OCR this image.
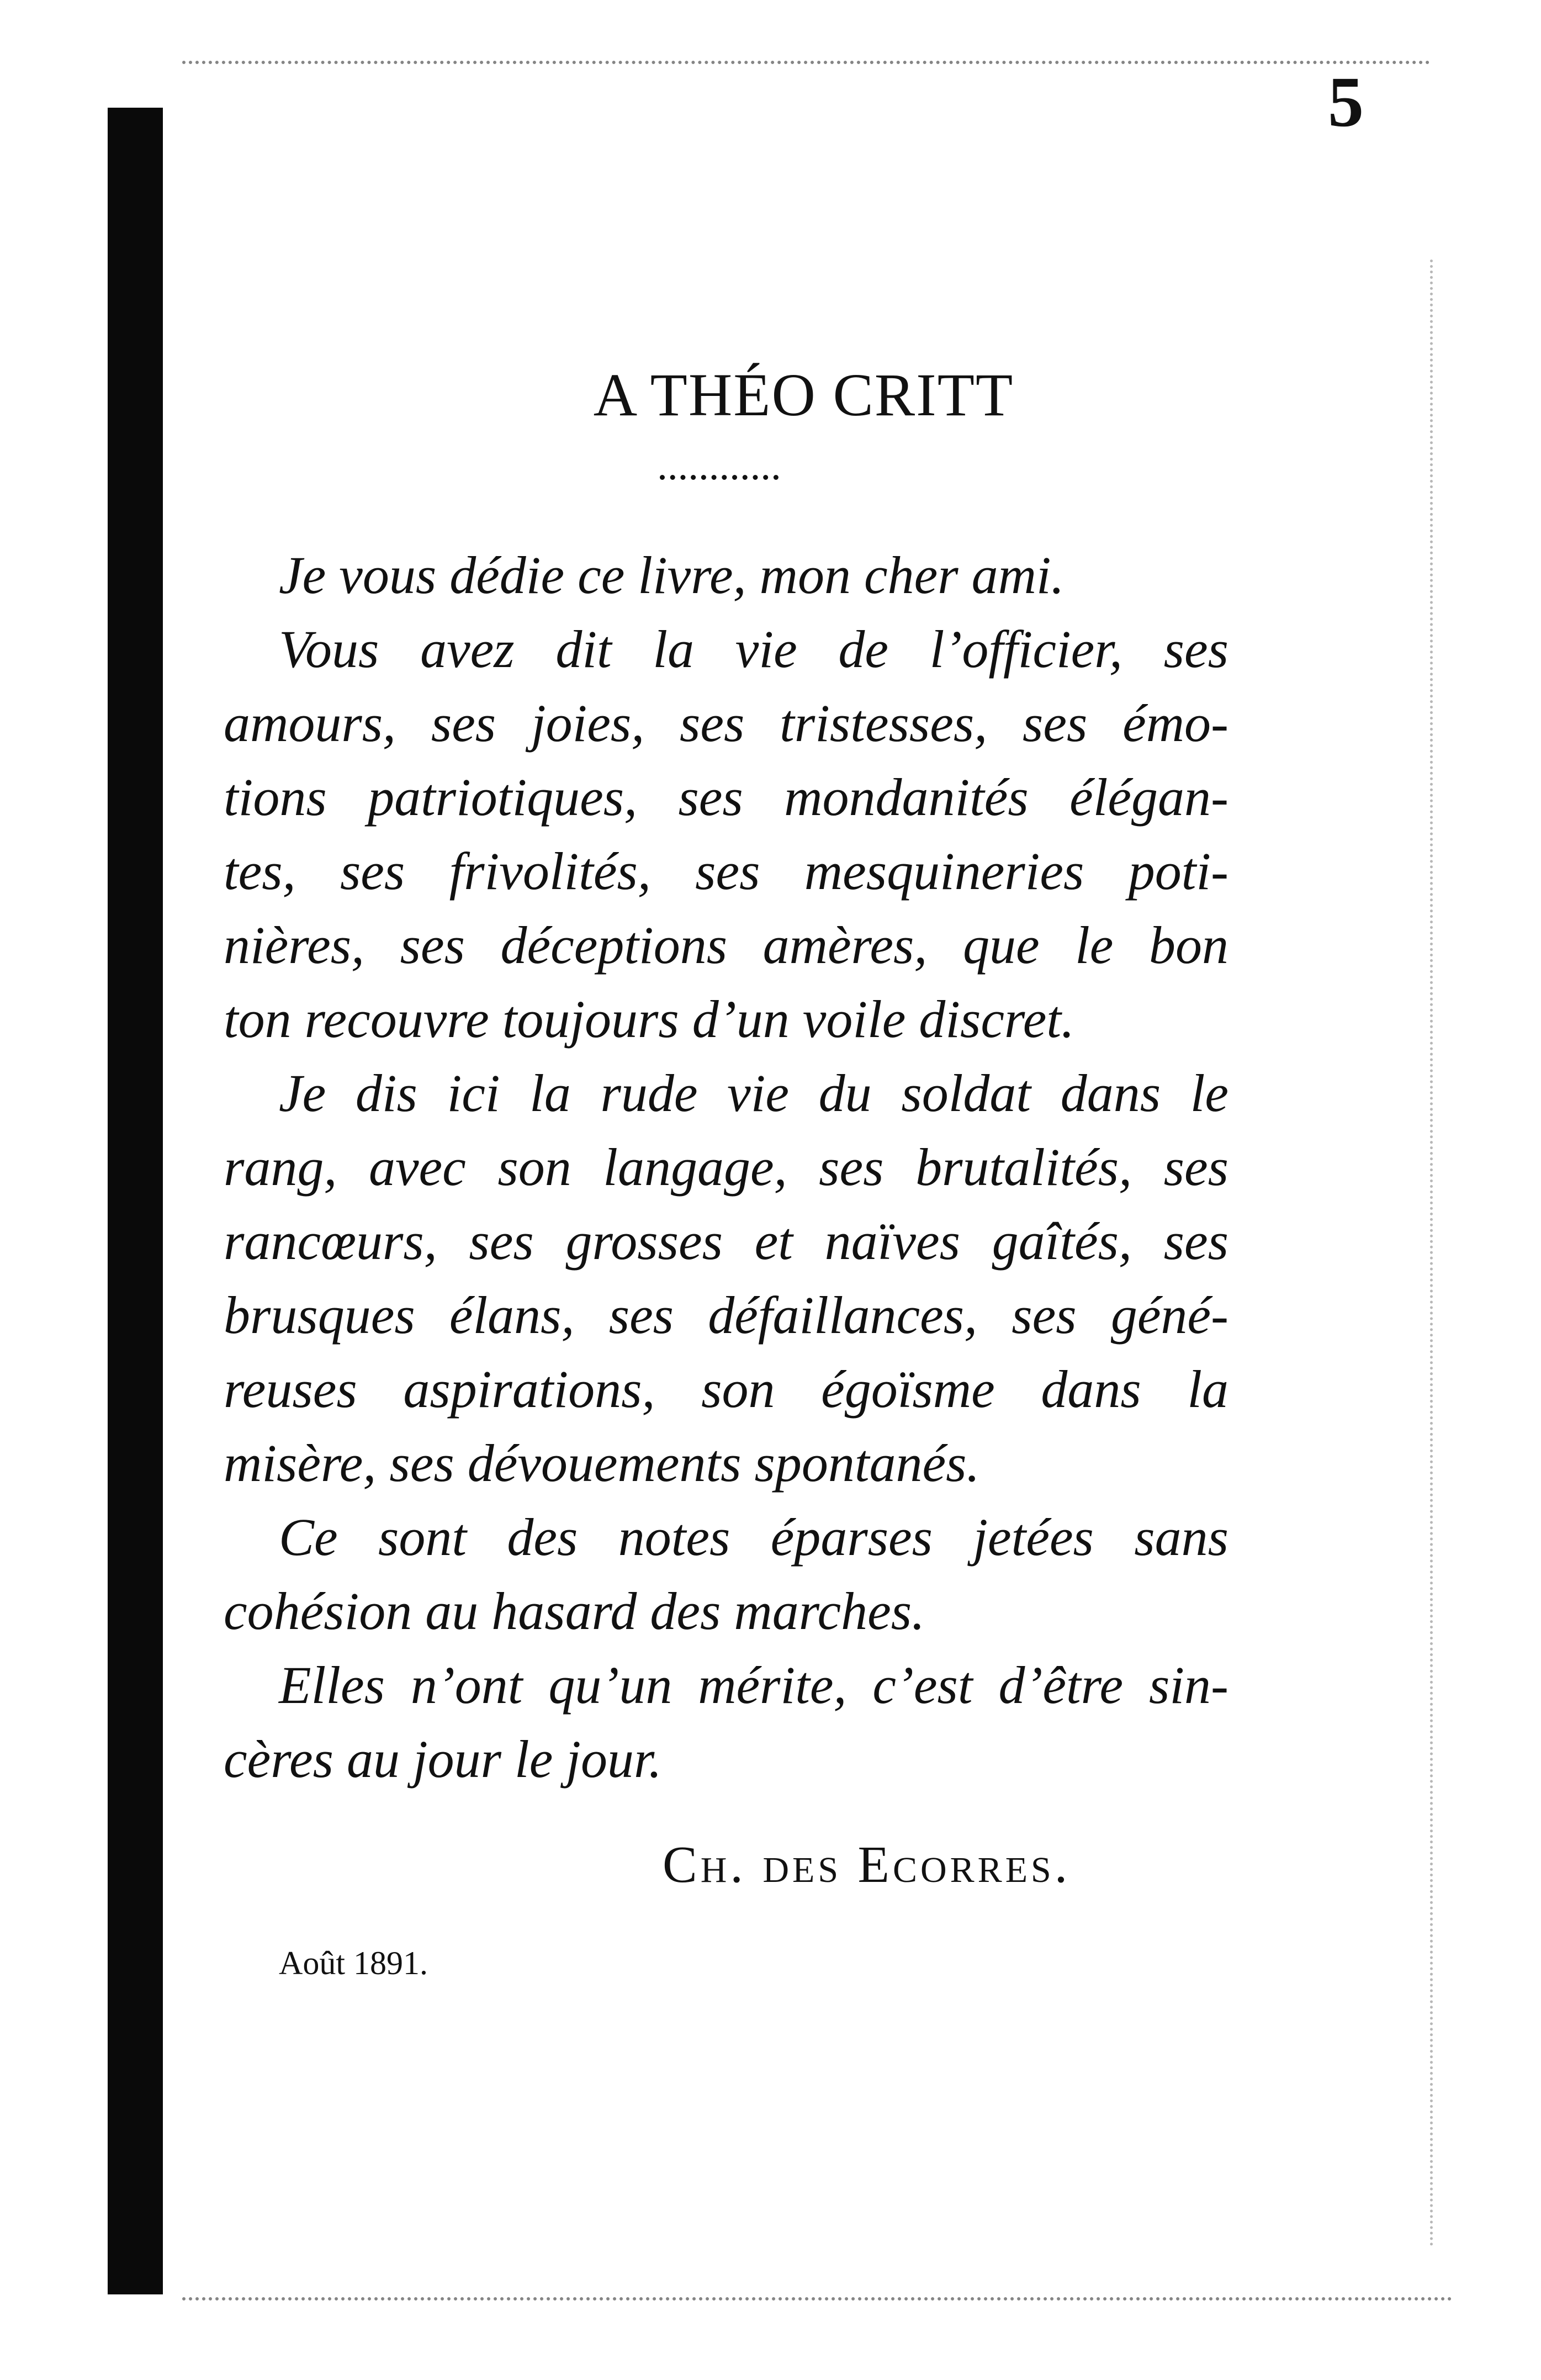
5
A THÉO CRITT
Je vous dédie ce livre, mon cher ami.
Vous avez dit la vie de l’officier, ses
amours, ses joies, ses tristesses, ses émo-
tions patriotiques, ses mondanités élégan-
tes, ses frivolités, ses mesquineries poti-
nières, ses déceptions amères, que le bon
ton recouvre toujours d’un voile discret.
Je dis ici la rude vie du soldat dans le
rang, avec son langage, ses brutalités, ses
rancœurs, ses grosses et naïves gaîtés, ses
brusques élans, ses défaillances, ses géné-
reuses aspirations, son égoïsme dans la
misère, ses dévouements spontanés.
Ce sont des notes éparses jetées sans
cohésion au hasard des marches.
Elles n’ont qu’un mérite, c’est d’être sin-
cères au jour le jour.
Ch. des Ecorres.
Août 1891.
